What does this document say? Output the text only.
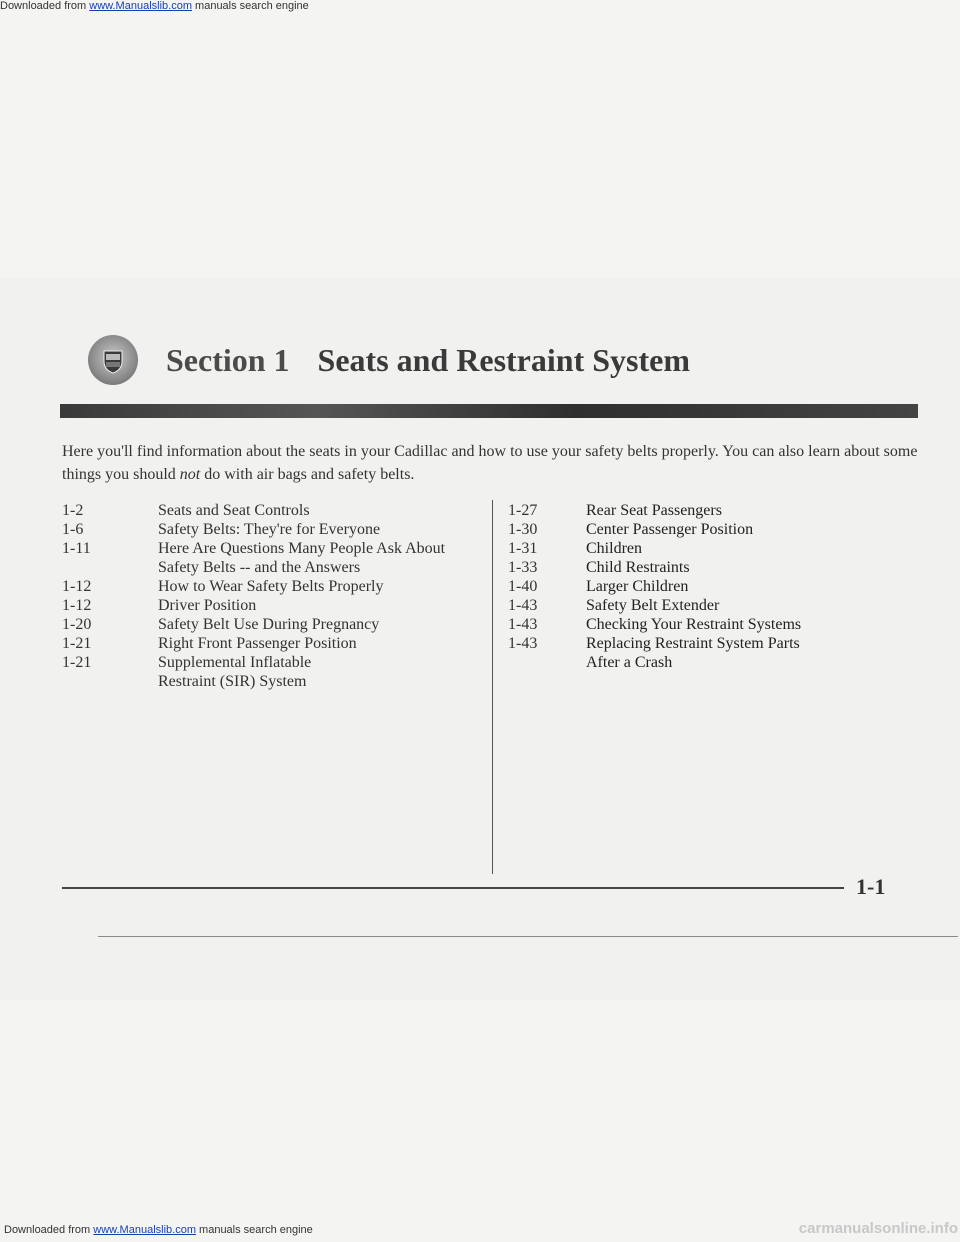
Downloaded from www.Manualslib.com manuals search engine
Section 1 Seats and Restraint System
Here you'll find information about the seats in your Cadillac and how to use your safety belts properly. You can also learn about some things you should not do with air bags and safety belts.
1-2	Seats and Seat Controls
1-6	Safety Belts: They're for Everyone
1-11	Here Are Questions Many People Ask About
Safety Belts -- and the Answers
1-12	How to Wear Safety Belts Properly
1-12	Driver Position
1-20	Safety Belt Use During Pregnancy
1-21	Right Front Passenger Position
1-21	Supplemental Inflatable
Restraint (SIR) System
1-27	Rear Seat Passengers
1-30	Center Passenger Position
1-31	Children
1-33	Child Restraints
1-40	Larger Children
1-43	Safety Belt Extender
1-43	Checking Your Restraint Systems
1-43	Replacing Restraint System Parts
After a Crash
1-1
Downloaded from www.Manualslib.com manuals search engine	carmanualsonline.info
